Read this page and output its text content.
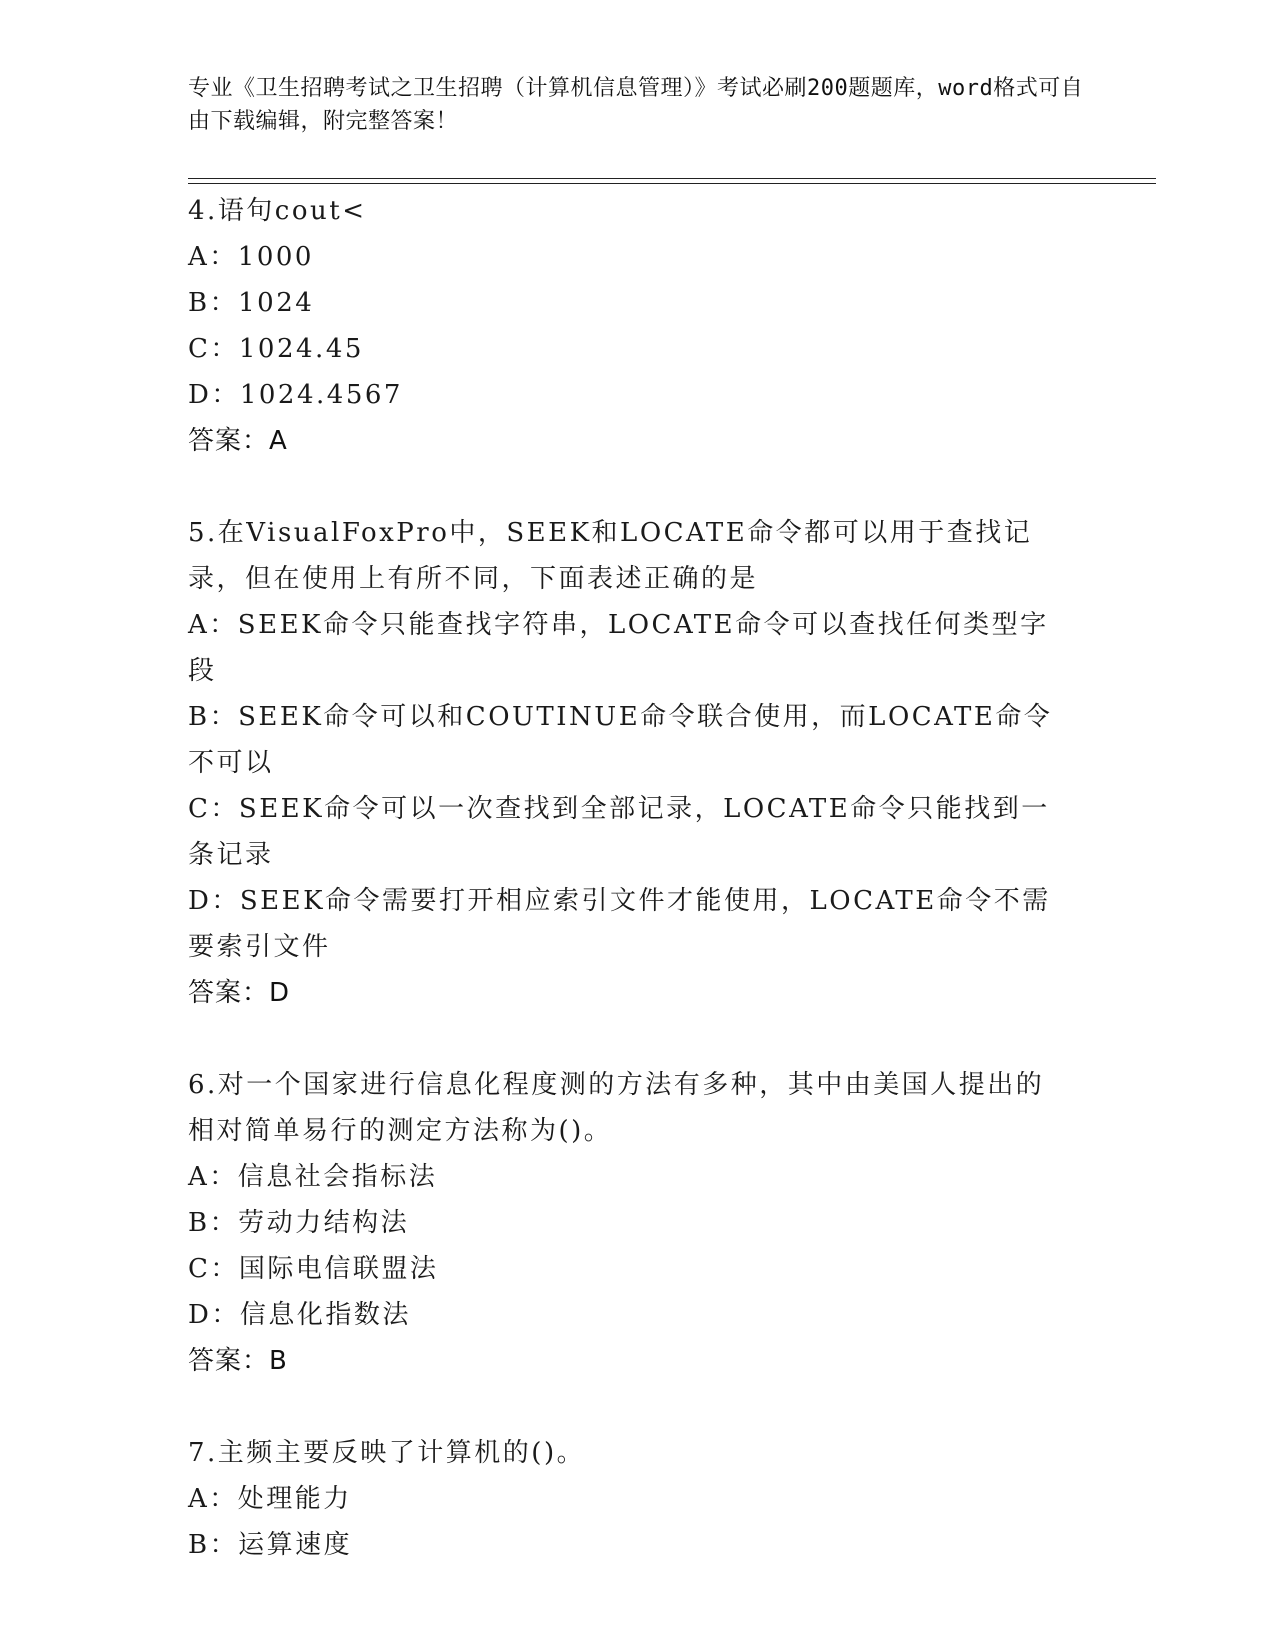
专业《卫生招聘考试之卫生招聘（计算机信息管理）》考试必刷200题题库，word格式可自由下载编辑，附完整答案！
4.语句cout<
A：1000
B：1024
C：1024.45
D：1024.4567
答案：A
5.在VisualFoxPro中，SEEK和LOCATE命令都可以用于查找记录，但在使用上有所不同，下面表述正确的是
A：SEEK命令只能查找字符串，LOCATE命令可以查找任何类型字段
B：SEEK命令可以和COUTINUE命令联合使用，而LOCATE命令不可以
C：SEEK命令可以一次查找到全部记录，LOCATE命令只能找到一条记录
D：SEEK命令需要打开相应索引文件才能使用，LOCATE命令不需要索引文件
答案：D
6.对一个国家进行信息化程度测的方法有多种，其中由美国人提出的相对简单易行的测定方法称为()。
A：信息社会指标法
B：劳动力结构法
C：国际电信联盟法
D：信息化指数法
答案：B
7.主频主要反映了计算机的()。
A：处理能力
B：运算速度
